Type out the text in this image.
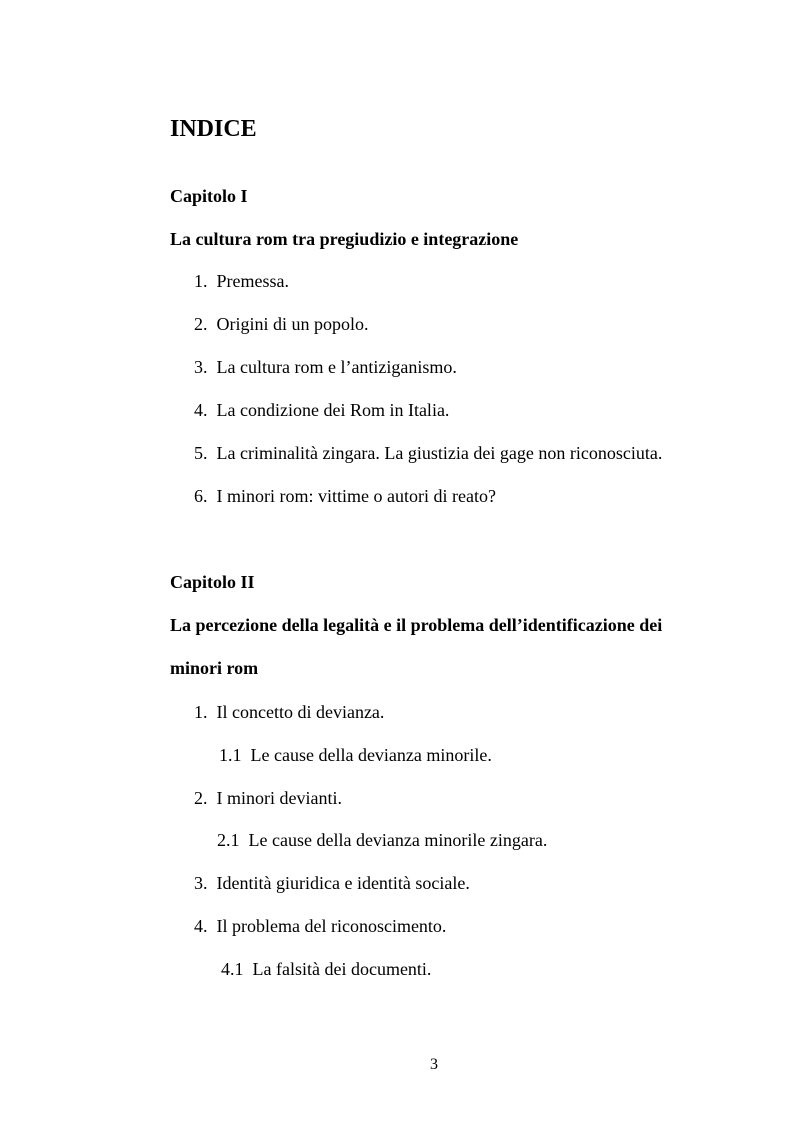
INDICE
Capitolo I
La cultura rom tra pregiudizio e integrazione
1. Premessa.
2. Origini di un popolo.
3. La cultura rom e l’antiziganismo.
4. La condizione dei Rom in Italia.
5. La criminalità zingara. La giustizia dei gage non riconosciuta.
6. I minori rom: vittime o autori di reato?
Capitolo II
La percezione della legalità e il problema dell’identificazione dei
minori rom
1. Il concetto di devianza.
1.1 Le cause della devianza minorile.
2. I minori devianti.
2.1 Le cause della devianza minorile zingara.
3. Identità giuridica e identità sociale.
4. Il problema del riconoscimento.
4.1 La falsità dei documenti.
3
